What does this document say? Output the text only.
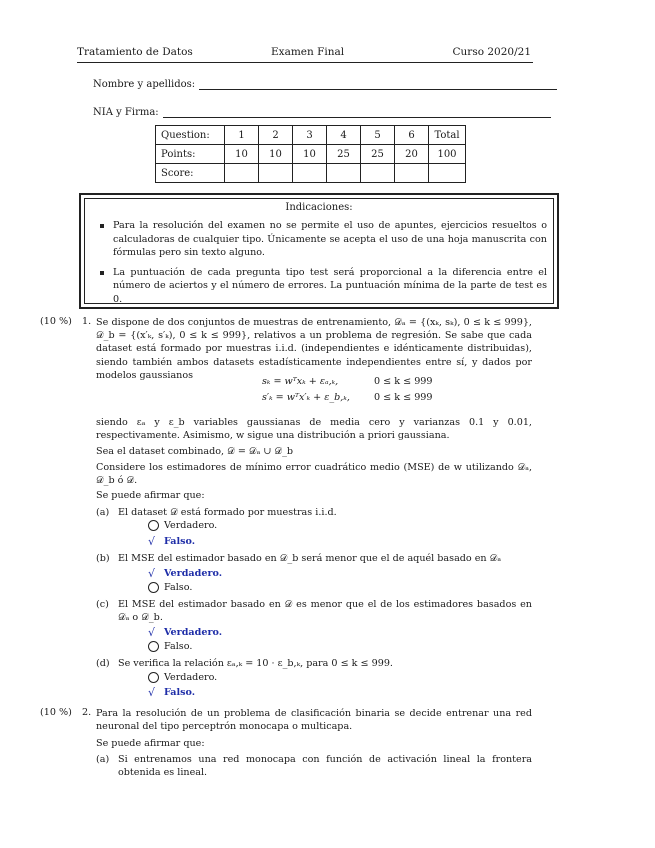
Tratamiento de Datos	Examen Final	Curso 2020/21
Nombre y apellidos:
NIA y Firma:
Question:	1	2	3	4	5	6	Total
Points:	10	10	10	25	25	20	100
Score:							
Indicaciones:
Para la resolución del examen no se permite el uso de apuntes, ejercicios resueltos o calculadoras de cualquier tipo. Únicamente se acepta el uso de una hoja manuscrita con fórmulas pero sin texto alguno.
La puntuación de cada pregunta tipo test será proporcional a la diferencia entre el número de aciertos y el número de errores. La puntuación mínima de la parte de test es 0.
(10 %) 1. Se dispone de dos conjuntos de muestras de entrenamiento, 𝒟ₐ = {(xₖ, sₖ), 0 ≤ k ≤ 999}, 𝒟_b = {(x′ₖ, s′ₖ), 0 ≤ k ≤ 999}, relativos a un problema de regresión. Se sabe que cada dataset está formado por muestras i.i.d. (independientes e idénticamente distribuidas), siendo también ambos datasets estadísticamente independientes entre sí, y dados por modelos gaussianos
sₖ = wᵀxₖ + εₐ,ₖ,	0 ≤ k ≤ 999
s′ₖ = wᵀx′ₖ + ε_b,ₖ,	0 ≤ k ≤ 999
siendo εₐ y ε_b variables gaussianas de media cero y varianzas 0.1 y 0.01, respectivamente. Asimismo, w sigue una distribución a priori gaussiana.
Sea el dataset combinado, 𝒟 = 𝒟ₐ ∪ 𝒟_b
Considere los estimadores de mínimo error cuadrático medio (MSE) de w utilizando 𝒟ₐ, 𝒟_b ó 𝒟.
Se puede afirmar que:
(a) El dataset 𝒟 está formado por muestras i.i.d.
Verdadero.
√ Falso.
(b) El MSE del estimador basado en 𝒟_b será menor que el de aquél basado en 𝒟ₐ
√ Verdadero.
Falso.
(c) El MSE del estimador basado en 𝒟 es menor que el de los estimadores basados en 𝒟ₐ o 𝒟_b.
√ Verdadero.
Falso.
(d) Se verifica la relación εₐ,ₖ = 10 · ε_b,ₖ, para 0 ≤ k ≤ 999.
Verdadero.
√ Falso.
(10 %) 2. Para la resolución de un problema de clasificación binaria se decide entrenar una red neuronal del tipo perceptrón monocapa o multicapa.
Se puede afirmar que:
(a) Si entrenamos una red monocapa con función de activación lineal la frontera obtenida es lineal.
